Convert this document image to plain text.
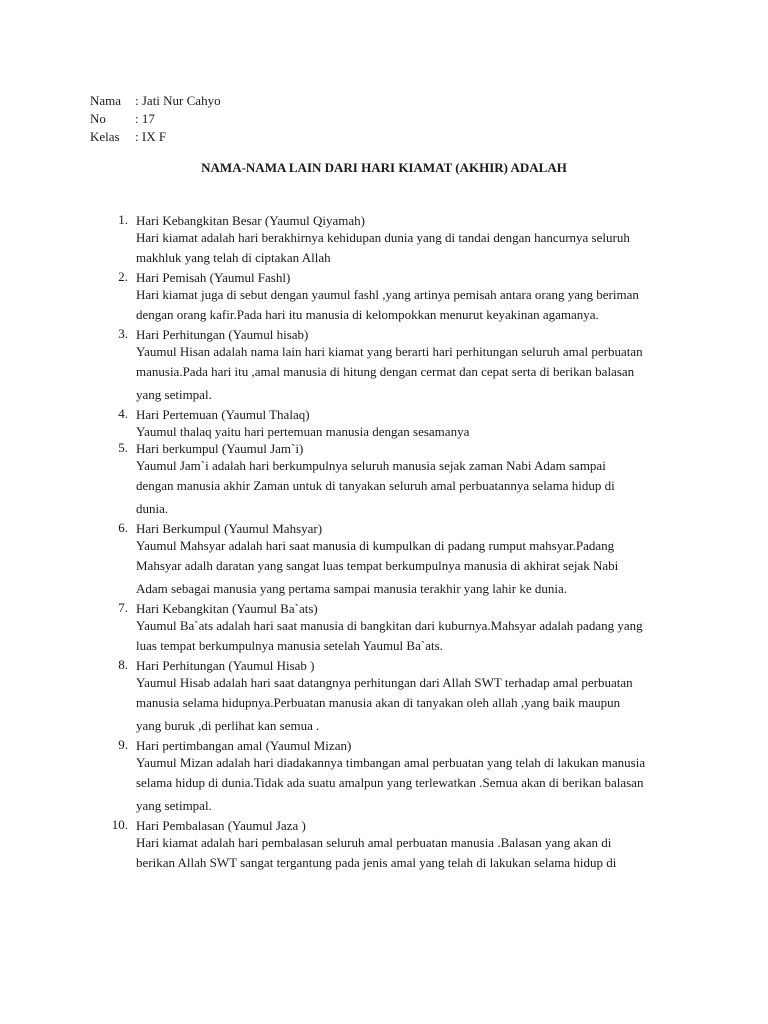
Nama	: Jati Nur Cahyo
No	: 17
Kelas	: IX F
NAMA-NAMA LAIN DARI HARI KIAMAT (AKHIR) ADALAH
1. Hari Kebangkitan Besar (Yaumul Qiyamah)
Hari kiamat adalah hari berakhirnya kehidupan dunia yang di tandai dengan hancurnya seluruh
makhluk yang telah di ciptakan Allah
2. Hari Pemisah (Yaumul Fashl)
Hari kiamat juga di sebut dengan yaumul fashl ,yang artinya pemisah antara orang yang beriman
dengan orang kafir.Pada hari itu manusia di kelompokkan menurut keyakinan agamanya.
3. Hari Perhitungan (Yaumul hisab)
Yaumul Hisan adalah nama lain hari kiamat yang berarti hari perhitungan seluruh amal perbuatan
manusia.Pada hari itu ,amal manusia di hitung dengan cermat dan cepat serta di berikan balasan
yang setimpal.
4. Hari Pertemuan (Yaumul Thalaq)
Yaumul thalaq yaitu hari pertemuan manusia dengan sesamanya
5. Hari berkumpul (Yaumul Jam`i)
Yaumul Jam`i adalah hari berkumpulnya seluruh manusia sejak zaman Nabi Adam sampai
dengan manusia akhir Zaman untuk di tanyakan seluruh amal perbuatannya selama hidup di
dunia.
6. Hari Berkumpul (Yaumul Mahsyar)
Yaumul Mahsyar adalah hari saat manusia di kumpulkan di padang rumput mahsyar.Padang
Mahsyar adalh daratan yang sangat luas tempat berkumpulnya manusia di akhirat sejak Nabi
Adam sebagai manusia yang pertama sampai manusia terakhir yang lahir ke dunia.
7. Hari Kebangkitan (Yaumul Ba`ats)
Yaumul Ba`ats adalah hari saat manusia di bangkitan dari kuburnya.Mahsyar adalah padang yang
luas tempat berkumpulnya manusia setelah Yaumul Ba`ats.
8. Hari Perhitungan (Yaumul Hisab )
Yaumul Hisab adalah hari saat datangnya perhitungan dari Allah SWT terhadap amal perbuatan
manusia selama hidupnya.Perbuatan manusia akan di tanyakan oleh allah ,yang baik maupun
yang buruk ,di perlihat kan semua .
9. Hari pertimbangan amal (Yaumul Mizan)
Yaumul Mizan adalah hari diadakannya timbangan amal perbuatan yang telah di lakukan manusia
selama hidup di dunia.Tidak ada suatu amalpun yang terlewatkan .Semua akan di berikan balasan
yang setimpal.
10. Hari Pembalasan (Yaumul Jaza )
Hari kiamat adalah hari pembalasan seluruh amal perbuatan manusia .Balasan yang akan di
berikan Allah SWT sangat tergantung pada jenis amal yang telah di lakukan selama hidup di
